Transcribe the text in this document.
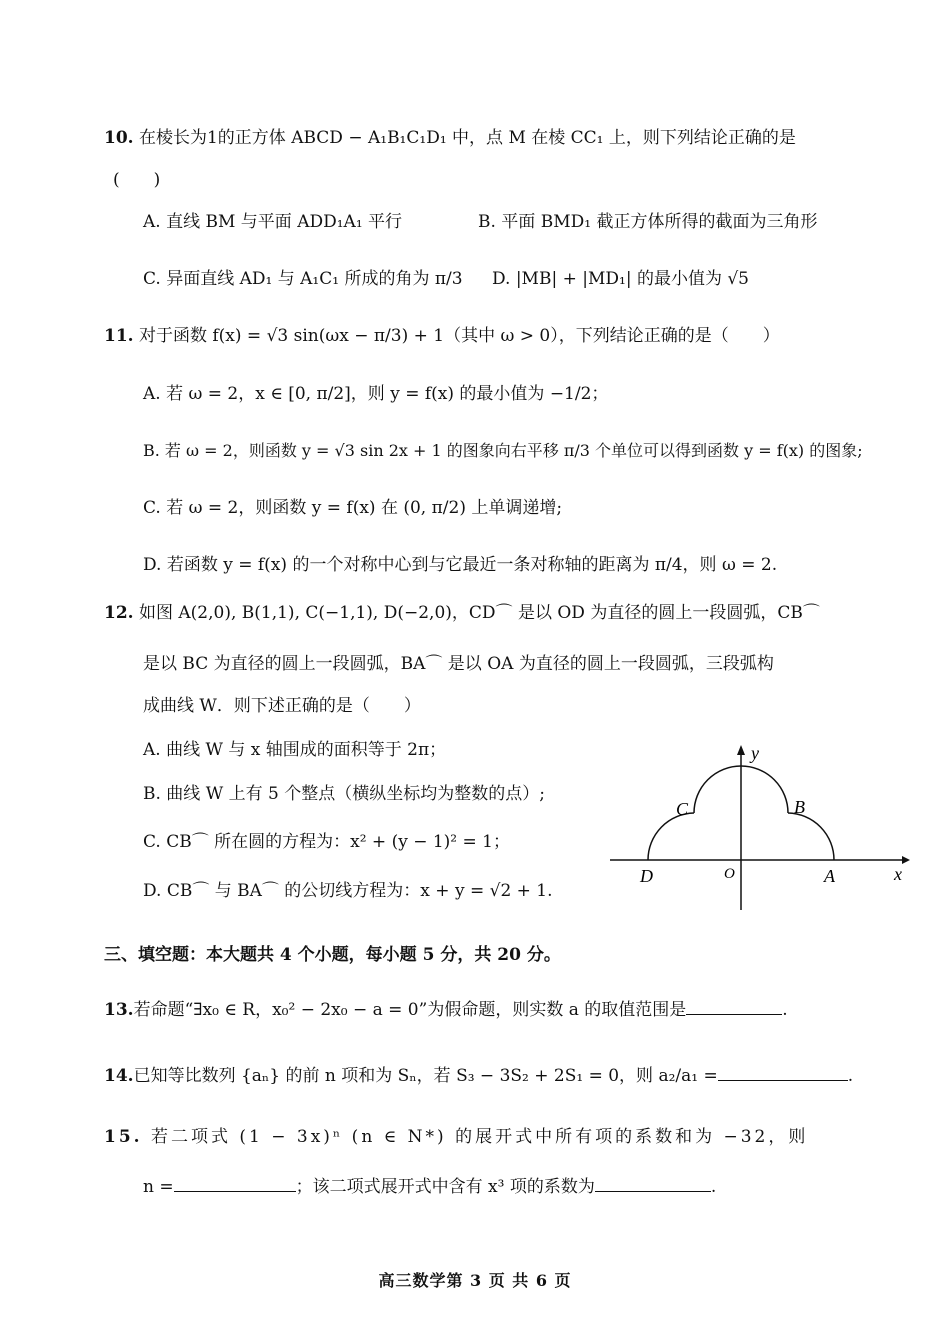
10. 在棱长为1的正方体 ABCD − A₁B₁C₁D₁ 中，点 M 在棱 CC₁ 上，则下列结论正确的是
(　　)
A. 直线 BM 与平面 ADD₁A₁ 平行	B. 平面 BMD₁ 截正方体所得的截面为三角形
C. 异面直线 AD₁ 与 A₁C₁ 所成的角为 π/3 D. |MB| + |MD₁| 的最小值为 √5
11. 对于函数 f(x) = √3 sin(ωx − π/3) + 1（其中 ω > 0），下列结论正确的是（　　）
A. 若 ω = 2，x ∈ [0, π/2]，则 y = f(x) 的最小值为 −1/2；
B. 若 ω = 2，则函数 y = √3 sin 2x + 1 的图象向右平移 π/3 个单位可以得到函数 y = f(x) 的图象;
C. 若 ω = 2，则函数 y = f(x) 在 (0, π/2) 上单调递增;
D. 若函数 y = f(x) 的一个对称中心到与它最近一条对称轴的距离为 π/4，则 ω = 2.
12. 如图 A(2,0), B(1,1), C(−1,1), D(−2,0)，CD⌒ 是以 OD 为直径的圆上一段圆弧，CB⌒
是以 BC 为直径的圆上一段圆弧，BA⌒ 是以 OA 为直径的圆上一段圆弧，三段弧构
成曲线 W．则下述正确的是（　　）
A. 曲线 W 与 x 轴围成的面积等于 2π；
B. 曲线 W 上有 5 个整点（横纵坐标均为整数的点）;
C. CB⌒ 所在圆的方程为：x² + (y − 1)² = 1；
D. CB⌒ 与 BA⌒ 的公切线方程为：x + y = √2 + 1.
y
x
O	A
B
C
D
三、填空题：本大题共 4 个小题，每小题 5 分，共 20 分。
13.若命题“∃x₀ ∈ R，x₀² − 2x₀ − a = 0”为假命题，则实数 a 的取值范围是	.
14.已知等比数列 {aₙ} 的前 n 项和为 Sₙ，若 S₃ − 3S₂ + 2S₁ = 0，则 a₂/a₁ =	.
15. 若二项式 (1 − 3x)ⁿ (n ∈ N*) 的展开式中所有项的系数和为 −32，则
n =	；该二项式展开式中含有 x³ 项的系数为	.
高三数学第 3 页 共 6 页
